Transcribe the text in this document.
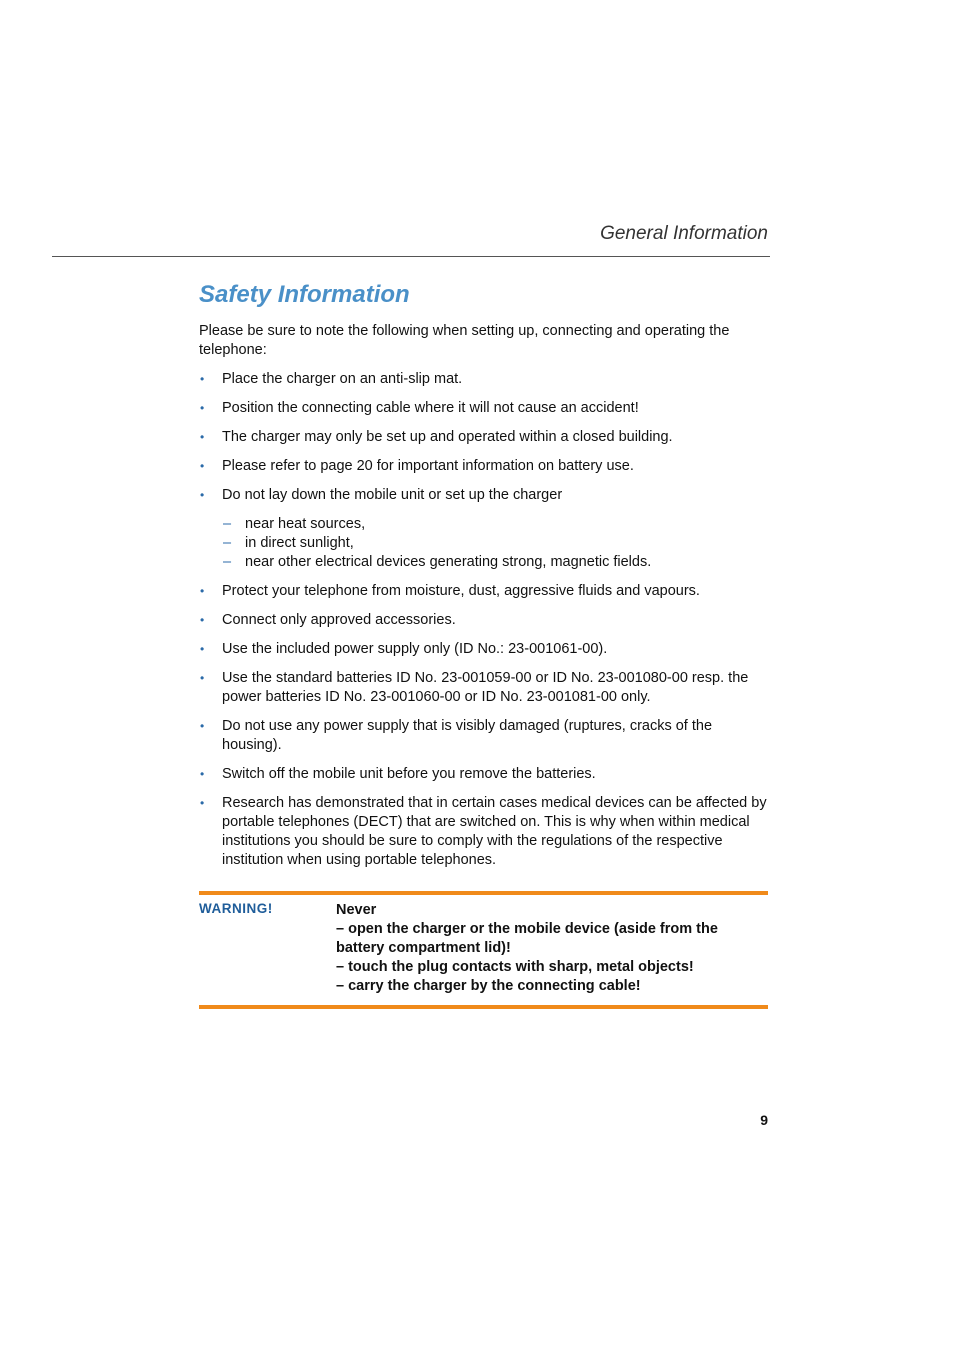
General Information
Safety Information

Please be sure to note the following when setting up, connecting and operating the telephone:

• Place the charger on an anti-slip mat.
• Position the connecting cable where it will not cause an accident!
• The charger may only be set up and operated within a closed building.
• Please refer to page 20 for important information on battery use.
• Do not lay down the mobile unit or set up the charger
– near heat sources,
– in direct sunlight,
– near other electrical devices generating strong, magnetic fields.
• Protect your telephone from moisture, dust, aggressive fluids and vapours.
• Connect only approved accessories.
• Use the included power supply only (ID No.: 23-001061-00).
• Use the standard batteries ID No. 23-001059-00 or ID No. 23-001080-00 resp. the power batteries ID No. 23-001060-00 or ID No. 23-001081-00 only.
• Do not use any power supply that is visibly damaged (ruptures, cracks of the housing).
• Switch off the mobile unit before you remove the batteries.
• Research has demonstrated that in certain cases medical devices can be affected by portable telephones (DECT) that are switched on. This is why when within medical institutions you should be sure to comply with the regulations of the respective institution when using portable telephones.
WARNING!	Never
– open the charger or the mobile device (aside from the battery compartment lid)!
– touch the plug contacts with sharp, metal objects!
– carry the charger by the connecting cable!
9
